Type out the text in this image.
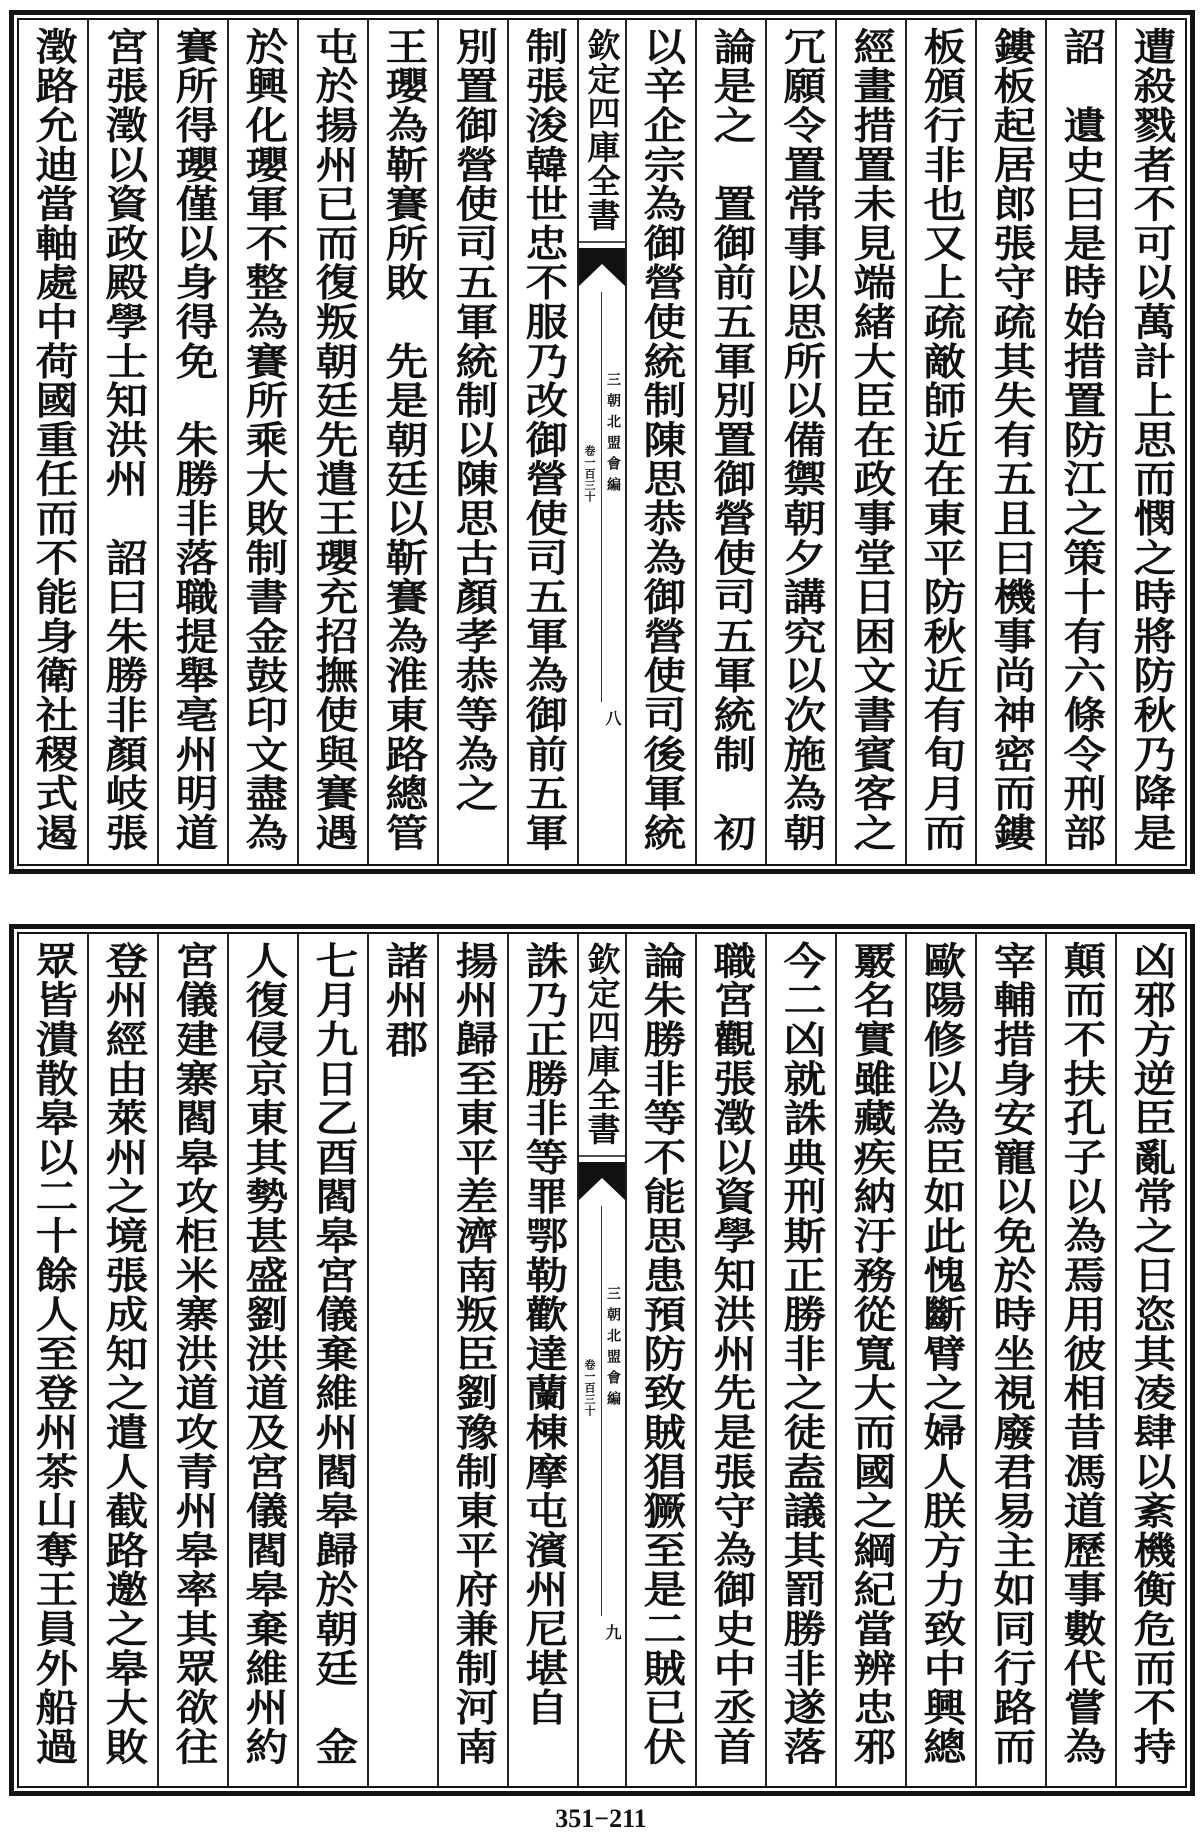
遭殺戮者不可以萬計上思而憫之時將防秋乃降是
詔　遺史曰是時始措置防江之策十有六條令刑部
鏤板起居郎張守疏其失有五且曰機事尚神密而鏤
板頒行非也又上疏敵師近在東平防秋近有旬月而
經畫措置未見端緒大臣在政事堂日困文書賓客之
冗願令置常事以思所以備禦朝夕講究以次施為朝
論是之　置御前五軍別置御營使司五軍統制　初
以辛企宗為御營使統制陳思恭為御營使司後軍統
欽定四庫全書
三朝北盟會編
卷一百三十
八
制張浚韓世忠不服乃改御營使司五軍為御前五軍
別置御營使司五軍統制以陳思古顏孝恭等為之
王瓔為靳賽所敗　先是朝廷以靳賽為淮東路總管
屯於揚州已而復叛朝廷先遣王瓔充招撫使與賽遇
於興化瓔軍不整為賽所乘大敗制書金鼓印文盡為
賽所得瓔僅以身得免　朱勝非落職提舉亳州明道
宮張澂以資政殿學士知洪州　詔曰朱勝非顏岐張
澂路允迪當軸處中荷國重任而不能身衛社稷式遏
凶邪方逆臣亂常之日恣其凌肆以紊機衡危而不持
顛而不扶孔子以為焉用彼相昔馮道歷事數代嘗為
宰輔措身安寵以免於時坐視廢君易主如同行路而
歐陽修以為臣如此愧斷臂之婦人朕方力致中興總
覈名實雖藏疾納汙務從寬大而國之綱紀當辨忠邪
今二凶就誅典刑斯正勝非之徒盍議其罰勝非遂落
職宮觀張澂以資學知洪州先是張守為御史中丞首
論朱勝非等不能思患預防致賊猖獗至是二賊已伏
欽定四庫全書
三朝北盟會編
卷一百三十
九
誅乃正勝非等罪鄂勒歡達蘭棟摩屯濱州尼堪自
揚州歸至東平差濟南叛臣劉豫制東平府兼制河南
諸州郡
七月九日乙酉閻皋宮儀棄維州閻皋歸於朝廷　金
人復侵京東其勢甚盛劉洪道及宮儀閻皋棄維州約
宮儀建寨閻皋攻柜米寨洪道攻青州皋率其眾欲往
登州經由萊州之境張成知之遣人截路邀之皋大敗
眾皆潰散皋以二十餘人至登州茶山奪王員外船過
351−211
